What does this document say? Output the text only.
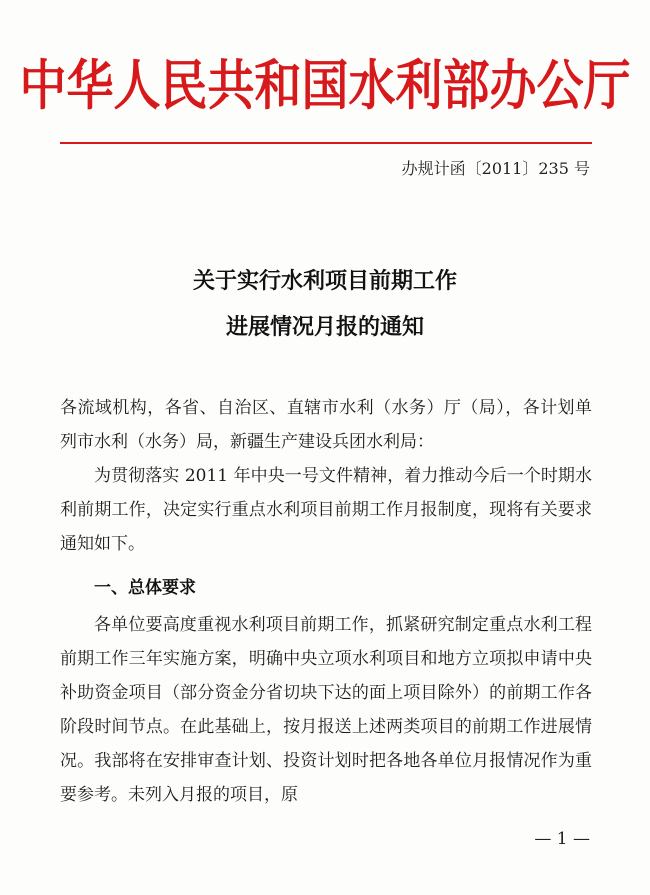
中华人民共和国水利部办公厅
办规计函〔2011〕235 号
关于实行水利项目前期工作
进展情况月报的通知
各流域机构，各省、自治区、直辖市水利（水务）厅（局），各计划单列市水利（水务）局，新疆生产建设兵团水利局：
为贯彻落实 2011 年中央一号文件精神，着力推动今后一个时期水利前期工作，决定实行重点水利项目前期工作月报制度，现将有关要求通知如下。
一、总体要求
各单位要高度重视水利项目前期工作，抓紧研究制定重点水利工程前期工作三年实施方案，明确中央立项水利项目和地方立项拟申请中央补助资金项目（部分资金分省切块下达的面上项目除外）的前期工作各阶段时间节点。在此基础上，按月报送上述两类项目的前期工作进展情况。我部将在安排审查计划、投资计划时把各地各单位月报情况作为重要参考。未列入月报的项目，原
— 1 —
